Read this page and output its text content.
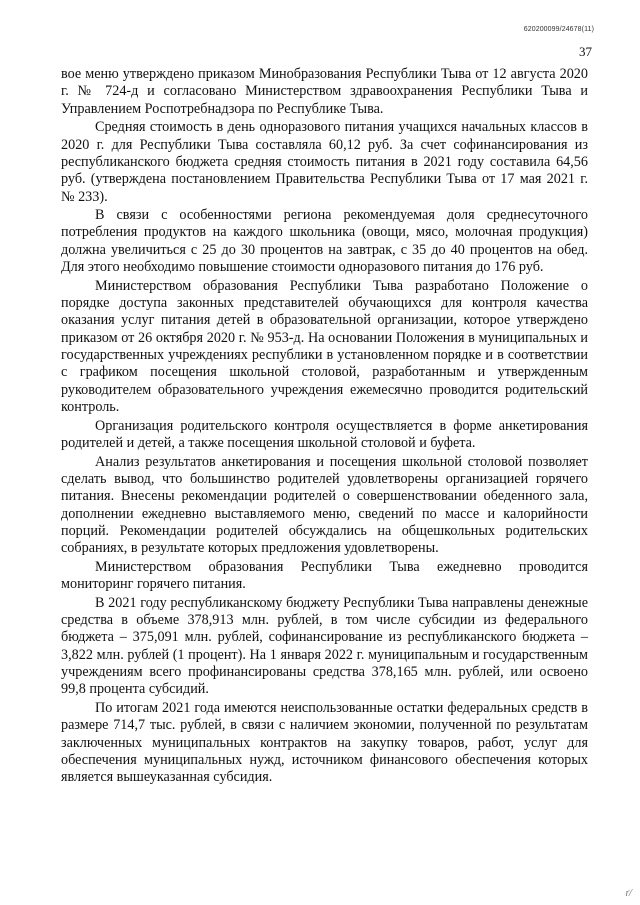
620200099/24678(11)
37

вое меню утверждено приказом Минобразования Республики Тыва от 12 августа 2020 г. № 724-д и согласовано Министерством здравоохранения Республики Тыва и Управлением Роспотребнадзора по Республике Тыва.

Средняя стоимость в день одноразового питания учащихся начальных классов в 2020 г. для Республики Тыва составляла 60,12 руб. За счет софинансирования из республиканского бюджета средняя стоимость питания в 2021 году составила 64,56 руб. (утверждена постановлением Правительства Республики Тыва от 17 мая 2021 г. № 233).

В связи с особенностями региона рекомендуемая доля среднесуточного потребления продуктов на каждого школьника (овощи, мясо, молочная продукция) должна увеличиться с 25 до 30 процентов на завтрак, с 35 до 40 процентов на обед. Для этого необходимо повышение стоимости одноразового питания до 176 руб.

Министерством образования Республики Тыва разработано Положение о порядке доступа законных представителей обучающихся для контроля качества оказания услуг питания детей в образовательной организации, которое утверждено приказом от 26 октября 2020 г. № 953-д. На основании Положения в муниципальных и государственных учреждениях республики в установленном порядке и в соответствии с графиком посещения школьной столовой, разработанным и утвержденным руководителем образовательного учреждения ежемесячно проводится родительский контроль.

Организация родительского контроля осуществляется в форме анкетирования родителей и детей, а также посещения школьной столовой и буфета.

Анализ результатов анкетирования и посещения школьной столовой позволяет сделать вывод, что большинство родителей удовлетворены организацией горячего питания. Внесены рекомендации родителей о совершенствовании обеденного зала, дополнении ежедневно выставляемого меню, сведений по массе и калорийности порций. Рекомендации родителей обсуждались на общешкольных родительских собраниях, в результате которых предложения удовлетворены.

Министерством образования Республики Тыва ежедневно проводится мониторинг горячего питания.

В 2021 году республиканскому бюджету Республики Тыва направлены денежные средства в объеме 378,913 млн. рублей, в том числе субсидии из федерального бюджета – 375,091 млн. рублей, софинансирование из республиканского бюджета – 3,822 млн. рублей (1 процент). На 1 января 2022 г. муниципальным и государственным учреждениям всего профинансированы средства 378,165 млн. рублей, или освоено 99,8 процента субсидий.

По итогам 2021 года имеются неиспользованные остатки федеральных средств в размере 714,7 тыс. рублей, в связи с наличием экономии, полученной по результатам заключенных муниципальных контрактов на закупку товаров, работ, услуг для обеспечения муниципальных нужд, источником финансового обеспечения которых является вышеуказанная субсидия.

ґ/
